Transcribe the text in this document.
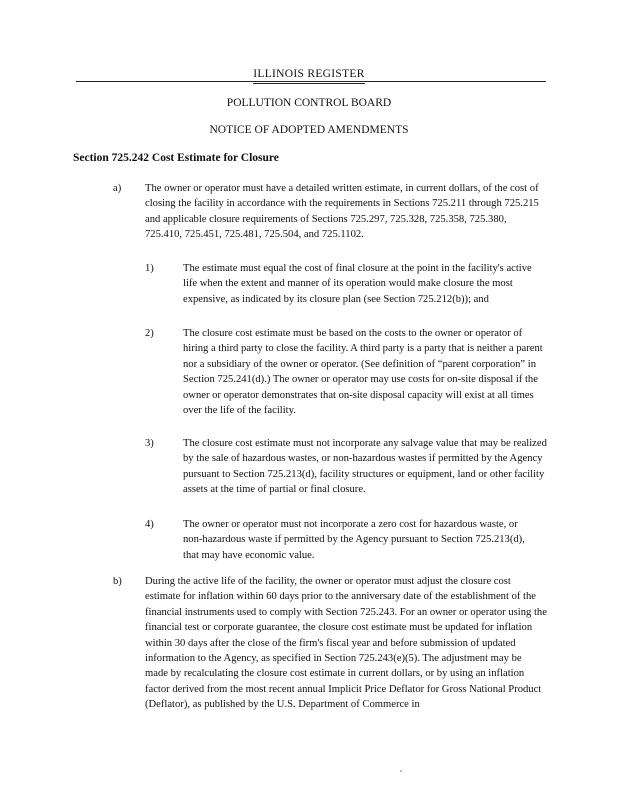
ILLINOIS REGISTER
POLLUTION CONTROL BOARD
NOTICE OF ADOPTED AMENDMENTS
Section 725.242 Cost Estimate for Closure
a) The owner or operator must have a detailed written estimate, in current dollars, of the cost of closing the facility in accordance with the requirements in Sections 725.211 through 725.215 and applicable closure requirements of Sections 725.297, 725.328, 725.358, 725.380, 725.410, 725.451, 725.481, 725.504, and 725.1102.
1)	The estimate must equal the cost of final closure at the point in the facility's active life when the extent and manner of its operation would make closure the most expensive, as indicated by its closure plan (see Section 725.212(b)); and
2)	The closure cost estimate must be based on the costs to the owner or operator of hiring a third party to close the facility. A third party is a party that is neither a parent nor a subsidiary of the owner or operator. (See definition of “parent corporation” in Section 725.241(d).) The owner or operator may use costs for on-site disposal if the owner or operator demonstrates that on-site disposal capacity will exist at all times over the life of the facility.
3)	The closure cost estimate must not incorporate any salvage value that may be realized by the sale of hazardous wastes, or non-hazardous wastes if permitted by the Agency pursuant to Section 725.213(d), facility structures or equipment, land or other facility assets at the time of partial or final closure.
4)	The owner or operator must not incorporate a zero cost for hazardous waste, or non-hazardous waste if permitted by the Agency pursuant to Section 725.213(d), that may have economic value.
b) During the active life of the facility, the owner or operator must adjust the closure cost estimate for inflation within 60 days prior to the anniversary date of the establishment of the financial instruments used to comply with Section 725.243. For an owner or operator using the financial test or corporate guarantee, the closure cost estimate must be updated for inflation within 30 days after the close of the firm's fiscal year and before submission of updated information to the Agency, as specified in Section 725.243(e)(5). The adjustment may be made by recalculating the closure cost estimate in current dollars, or by using an inflation factor derived from the most recent annual Implicit Price Deflator for Gross National Product (Deflator), as published by the U.S. Department of Commerce in
